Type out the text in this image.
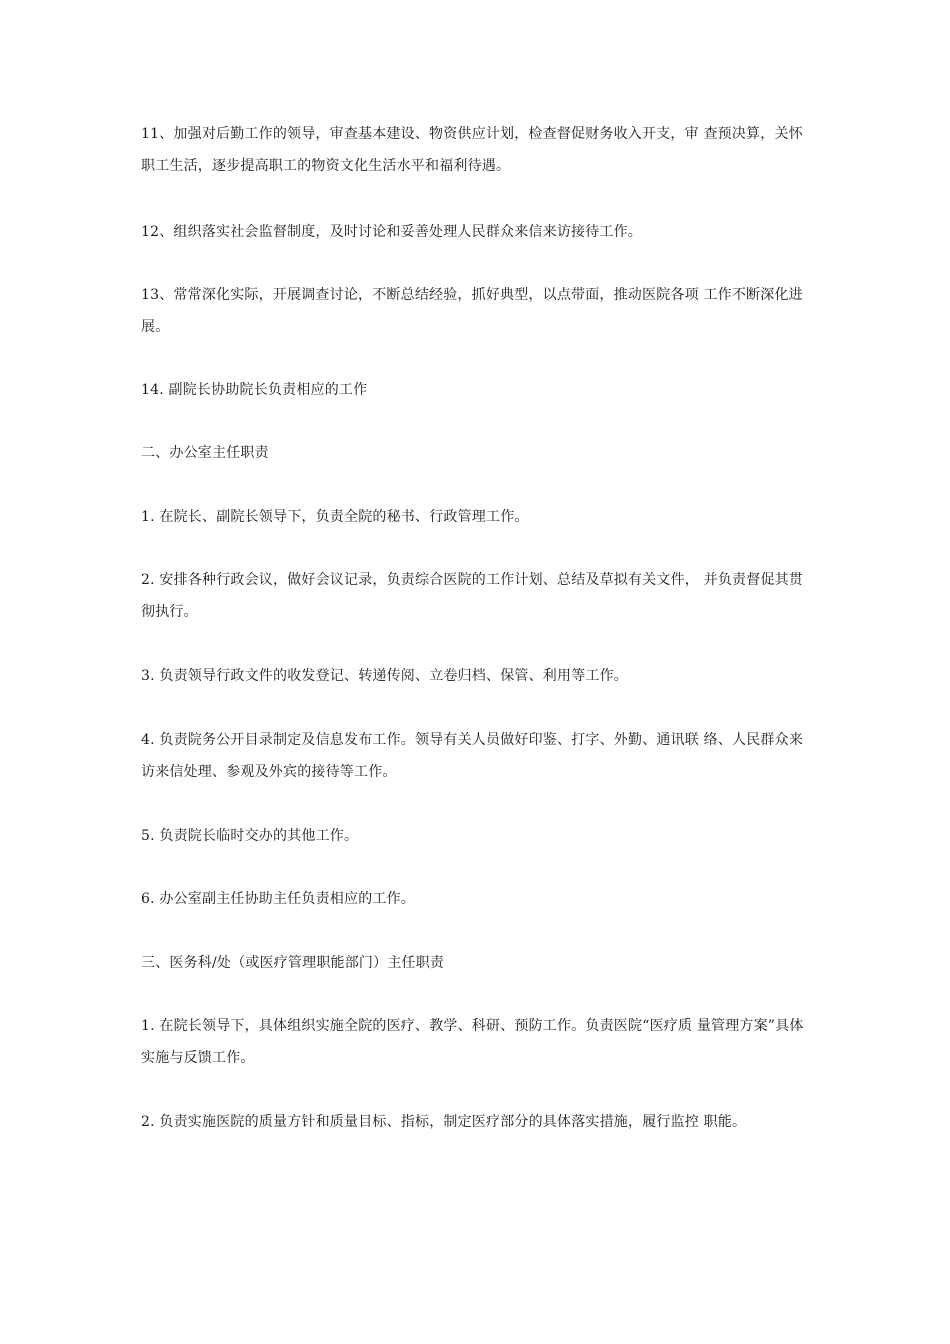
11、加强对后勤工作的领导，审查基本建设、物资供应计划，检查督促财务收入开支，审 查预决算，关怀职工生活，逐步提高职工的物资文化生活水平和福利待遇。

12、组织落实社会监督制度，及时讨论和妥善处理人民群众来信来访接待工作。

13、常常深化实际，开展调查讨论，不断总结经验，抓好典型，以点带面，推动医院各项 工作不断深化进展。

14. 副院长协助院长负责相应的工作

二、办公室主任职责

1. 在院长、副院长领导下，负责全院的秘书、行政管理工作。

2. 安排各种行政会议，做好会议记录，负责综合医院的工作计划、总结及草拟有关文件， 并负责督促其贯彻执行。

3. 负责领导行政文件的收发登记、转递传阅、立卷归档、保管、利用等工作。

4. 负责院务公开目录制定及信息发布工作。领导有关人员做好印鉴、打字、外勤、通讯联 络、人民群众来访来信处理、参观及外宾的接待等工作。

5. 负责院长临时交办的其他工作。

6. 办公室副主任协助主任负责相应的工作。

三、医务科/处（或医疗管理职能部门）主任职责

1. 在院长领导下，具体组织实施全院的医疗、教学、科研、预防工作。负责医院“医疗质 量管理方案”具体实施与反馈工作。

2. 负责实施医院的质量方针和质量目标、指标，制定医疗部分的具体落实措施，履行监控 职能。
